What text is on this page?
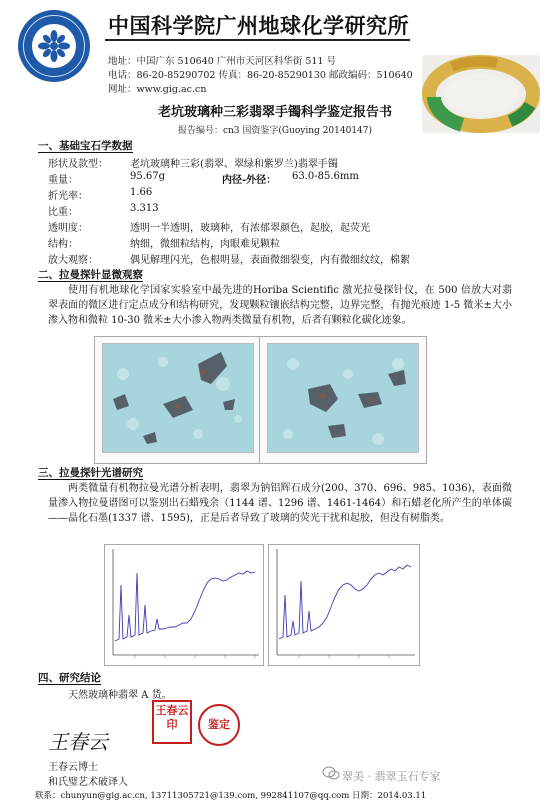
中国科学院广州地球化学研究所
地址：中国广东 510640 广州市天河区科华街 511 号
电话：86-20-85290702 传真：86-20-85290130 邮政编码：510640
网址：www.gig.ac.cn
老坑玻璃种三彩翡翠手镯科学鉴定报告书
报告编号：cn3 国资鉴字(Guoying 20140147)
一、基础宝石学数据
形状及款型： 老坑玻璃种三彩(翡翠、翠绿和紫罗兰)翡翠手镯
重量：	95.67g	内径-外径： 63.0-85.6mm
折光率：	1.66
比重：	3.313
透明度：	透明一半透明，玻璃种，有浓郁翠颜色，起胶，起荧光
结构：	纳细，微细粒结构，肉眼难见颗粒
放大观察：	偶见解理闪光，色根明显，表面微细裂变，内有微细纹纹，棉絮
二、拉曼探针显微观察
使用有机地球化学国家实验室中最先进的Horiba Scientific 激光拉曼探针仪，在 500 倍放大对翡翠表面的微区进行定点成分和结构研究，发现颗粒镶嵌结构完整，边界完整，有抛光痕迹 1-5 微米±大小渗入物和微粒 10-30 微米±大小渗入物两类微量有机物，后者有颗粒化碳化迹象。
三、拉曼探针光谱研究
两类微量有机物拉曼光谱分析表明，翡翠为钠铝辉石成分(200、370、696、985、1036)，表面微量渗入物拉曼谱图可以鉴别出石蜡残余（1144 谱、1296 谱、1461-1464）和石蜡老化所产生的单体碳——晶化石墨(1337 谱、1595)，正是后者导致了玻璃的荧光干扰和起胶，但没有树脂类。
四、研究结论
天然玻璃种翡翠 A 货。
王春云
王春云印	鉴定
王春云博士
和氏璧艺术破译人	翠美 · 翡翠玉石专家
联系：chunyun@gig.ac.cn, 13711305721@139.com, 992841107@qq.com 日期：2014.03.11
